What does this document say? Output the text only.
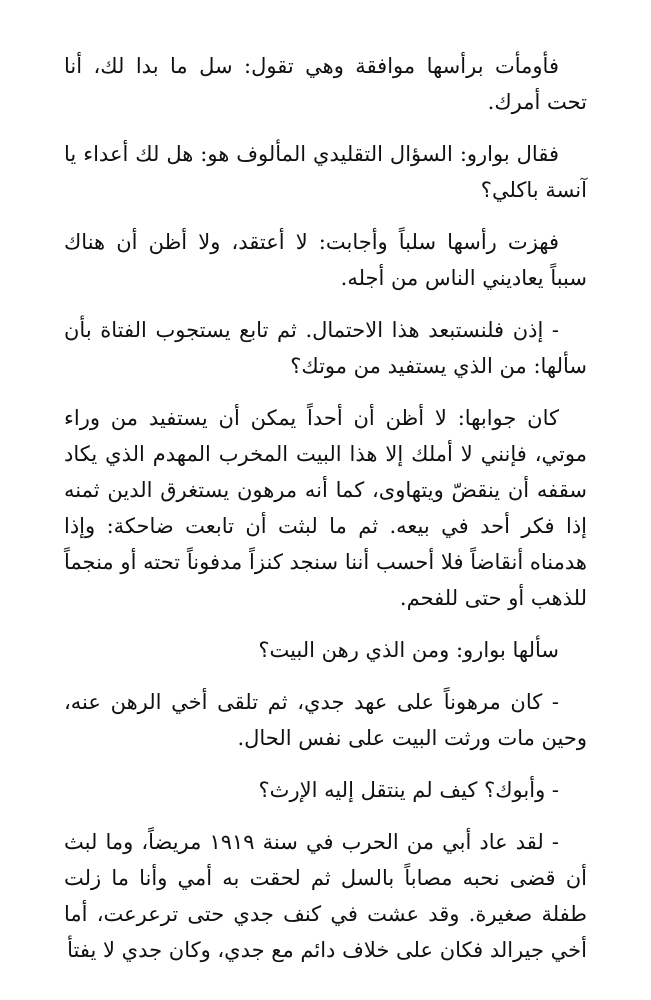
فأومأت برأسها موافقة وهي تقول: سل ما بدا لك، أنا تحت أمرك.

فقال بوارو: السؤال التقليدي المألوف هو: هل لك أعداء يا آنسة باكلي؟

فهزت رأسها سلباً وأجابت: لا أعتقد، ولا أظن أن هناك سبباً يعاديني الناس من أجله.

- إذن فلنستبعد هذا الاحتمال. ثم تابع يستجوب الفتاة بأن سألها: من الذي يستفيد من موتك؟

كان جوابها: لا أظن أن أحداً يمكن أن يستفيد من وراء موتي، فإنني لا أملك إلا هذا البيت المخرب المهدم الذي يكاد سقفه أن ينقضّ ويتهاوى، كما أنه مرهون يستغرق الدين ثمنه إذا فكر أحد في بيعه. ثم ما لبثت أن تابعت ضاحكة: وإذا هدمناه أنقاضاً فلا أحسب أننا سنجد كنزاً مدفوناً تحته أو منجماً للذهب أو حتى للفحم.

سألها بوارو: ومن الذي رهن البيت؟

- كان مرهوناً على عهد جدي، ثم تلقى أخي الرهن عنه، وحين مات ورثت البيت على نفس الحال.

- وأبوك؟ كيف لم ينتقل إليه الإرث؟

- لقد عاد أبي من الحرب في سنة ١٩١٩ مريضاً، وما لبث أن قضى نحبه مصاباً بالسل ثم لحقت به أمي وأنا ما زلت طفلة صغيرة. وقد عشت في كنف جدي حتى ترعرعت، أما أخي جيرالد فكان على خلاف دائم مع جدي، وكان جدي لا يفتأ
